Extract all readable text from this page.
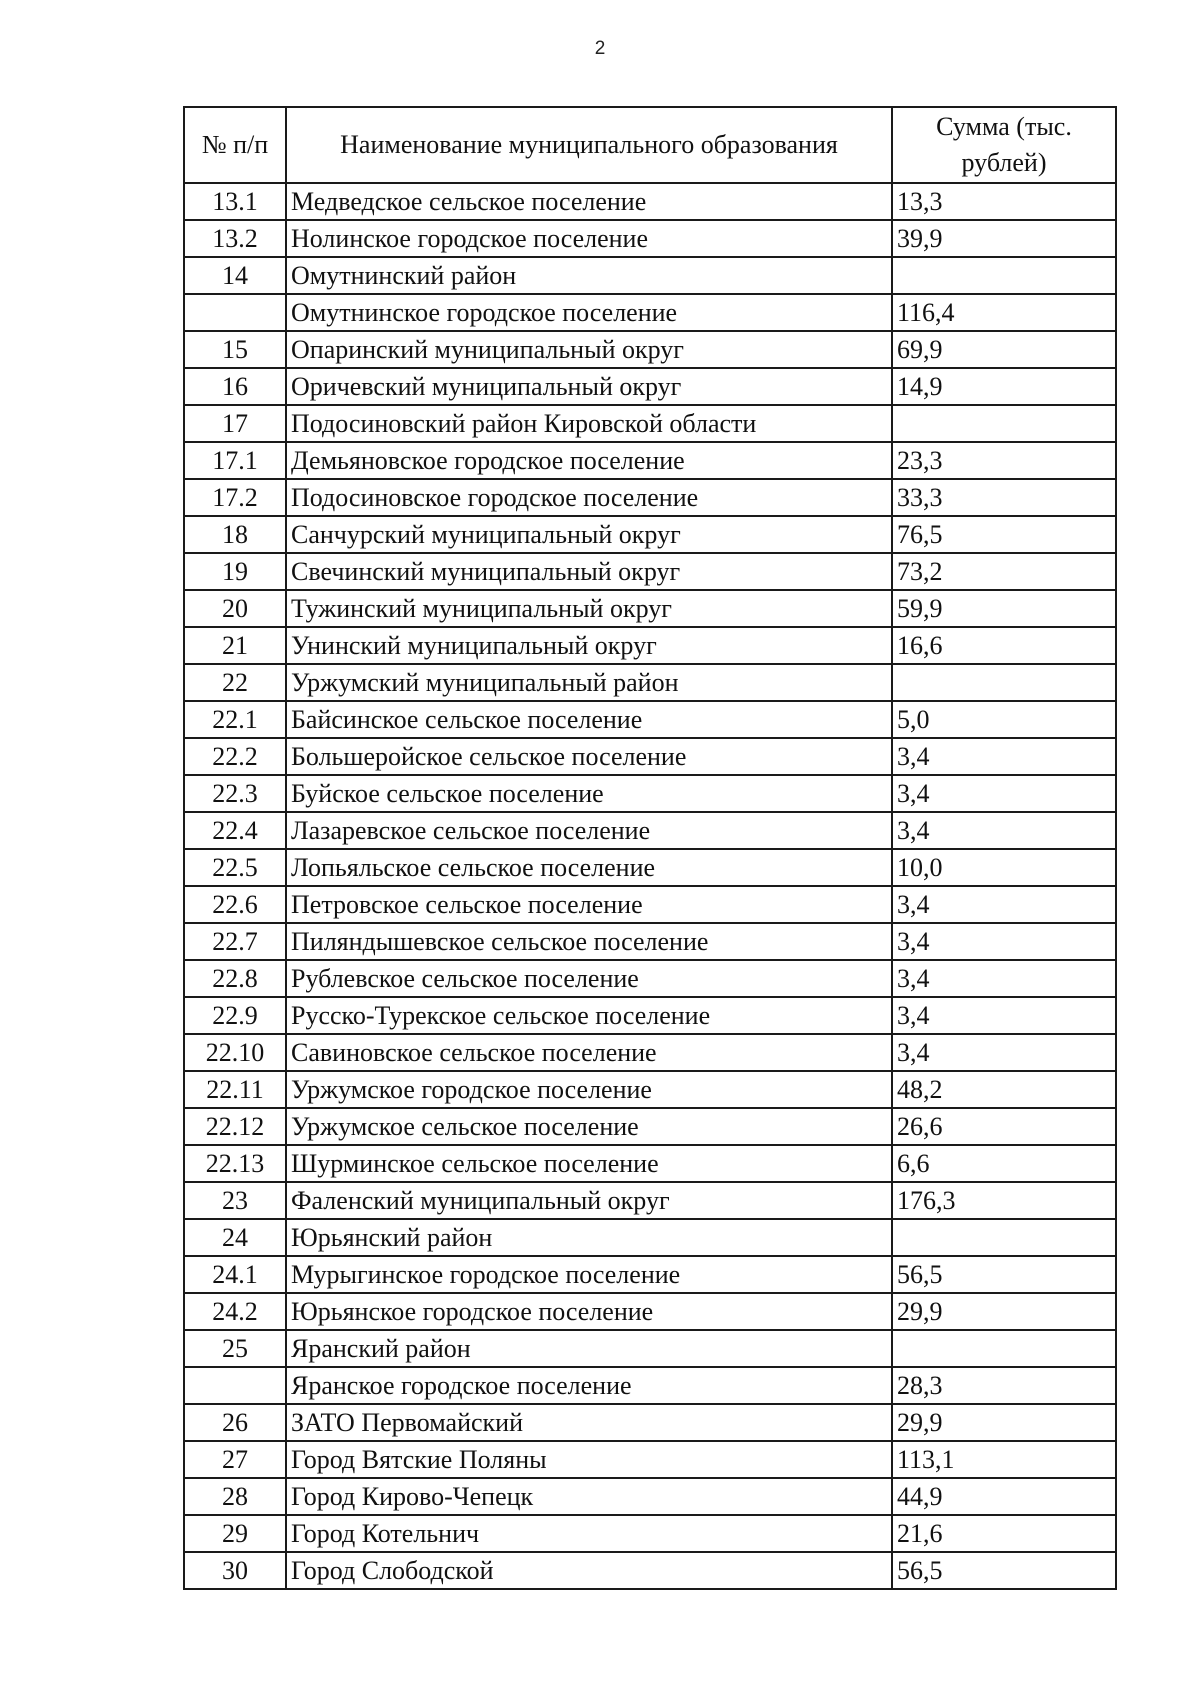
2
№ п/п	Наименование муниципального образования	Сумма (тыс. рублей)
13.1	Медведское сельское поселение	13,3
13.2	Нолинское городское поселение	39,9
14	Омутнинский район	
	Омутнинское городское поселение	116,4
15	Опаринский муниципальный округ	69,9
16	Оричевский муниципальный округ	14,9
17	Подосиновский район Кировской области	
17.1	Демьяновское городское поселение	23,3
17.2	Подосиновское городское поселение	33,3
18	Санчурский муниципальный округ	76,5
19	Свечинский муниципальный округ	73,2
20	Тужинский муниципальный округ	59,9
21	Унинский муниципальный округ	16,6
22	Уржумский муниципальный район	
22.1	Байсинское сельское поселение	5,0
22.2	Большеройское сельское поселение	3,4
22.3	Буйское сельское поселение	3,4
22.4	Лазаревское сельское поселение	3,4
22.5	Лопьяльское сельское поселение	10,0
22.6	Петровское сельское поселение	3,4
22.7	Пиляндышевское сельское поселение	3,4
22.8	Рублевское сельское поселение	3,4
22.9	Русско-Турекское сельское поселение	3,4
22.10	Савиновское сельское поселение	3,4
22.11	Уржумское городское поселение	48,2
22.12	Уржумское сельское поселение	26,6
22.13	Шурминское сельское поселение	6,6
23	Фаленский муниципальный округ	176,3
24	Юрьянский район	
24.1	Мурыгинское городское поселение	56,5
24.2	Юрьянское городское поселение	29,9
25	Яранский район	
	Яранское городское поселение	28,3
26	ЗАТО Первомайский	29,9
27	Город Вятские Поляны	113,1
28	Город Кирово-Чепецк	44,9
29	Город Котельнич	21,6
30	Город Слободской	56,5
